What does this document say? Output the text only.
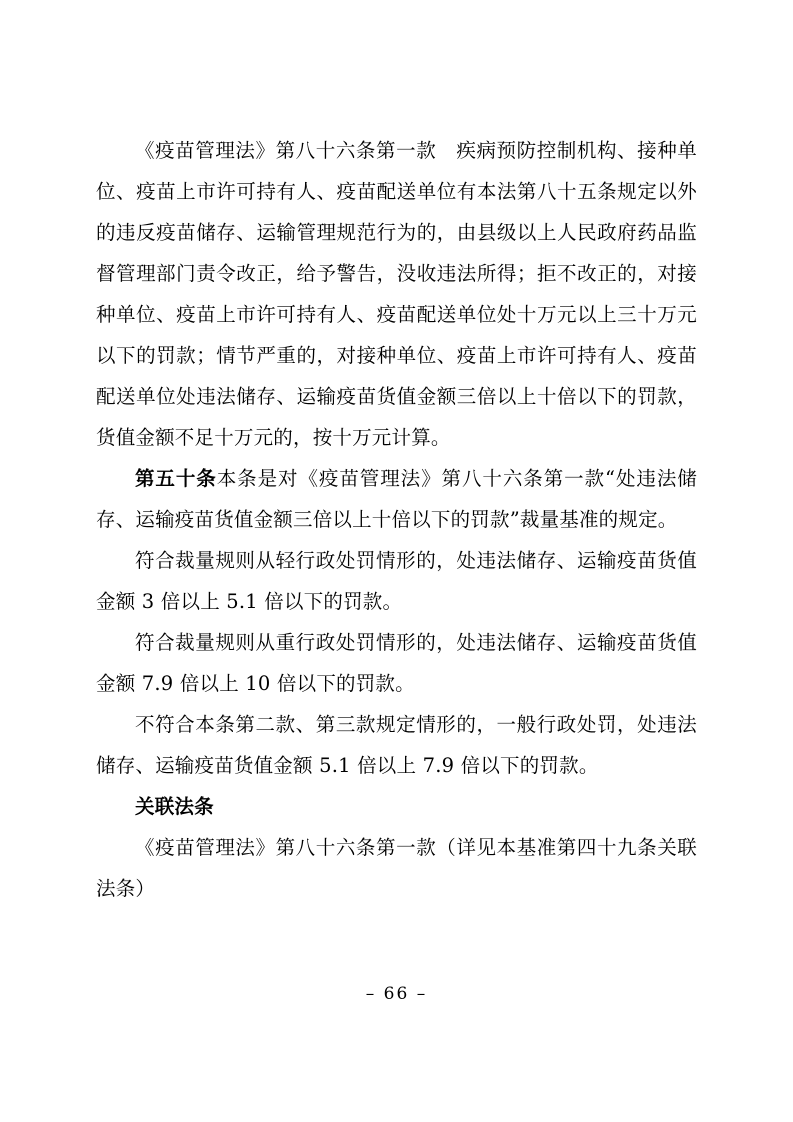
《疫苗管理法》第八十六条第一款　疾病预防控制机构、接种单位、疫苗上市许可持有人、疫苗配送单位有本法第八十五条规定以外的违反疫苗储存、运输管理规范行为的，由县级以上人民政府药品监督管理部门责令改正，给予警告，没收违法所得；拒不改正的，对接种单位、疫苗上市许可持有人、疫苗配送单位处十万元以上三十万元以下的罚款；情节严重的，对接种单位、疫苗上市许可持有人、疫苗配送单位处违法储存、运输疫苗货值金额三倍以上十倍以下的罚款，货值金额不足十万元的，按十万元计算。

第五十条本条是对《疫苗管理法》第八十六条第一款“处违法储存、运输疫苗货值金额三倍以上十倍以下的罚款”裁量基准的规定。

符合裁量规则从轻行政处罚情形的，处违法储存、运输疫苗货值金额 3 倍以上 5.1 倍以下的罚款。

符合裁量规则从重行政处罚情形的，处违法储存、运输疫苗货值金额 7.9 倍以上 10 倍以下的罚款。

不符合本条第二款、第三款规定情形的，一般行政处罚，处违法储存、运输疫苗货值金额 5.1 倍以上 7.9 倍以下的罚款。

关联法条

《疫苗管理法》第八十六条第一款（详见本基准第四十九条关联法条）

– 66 –
